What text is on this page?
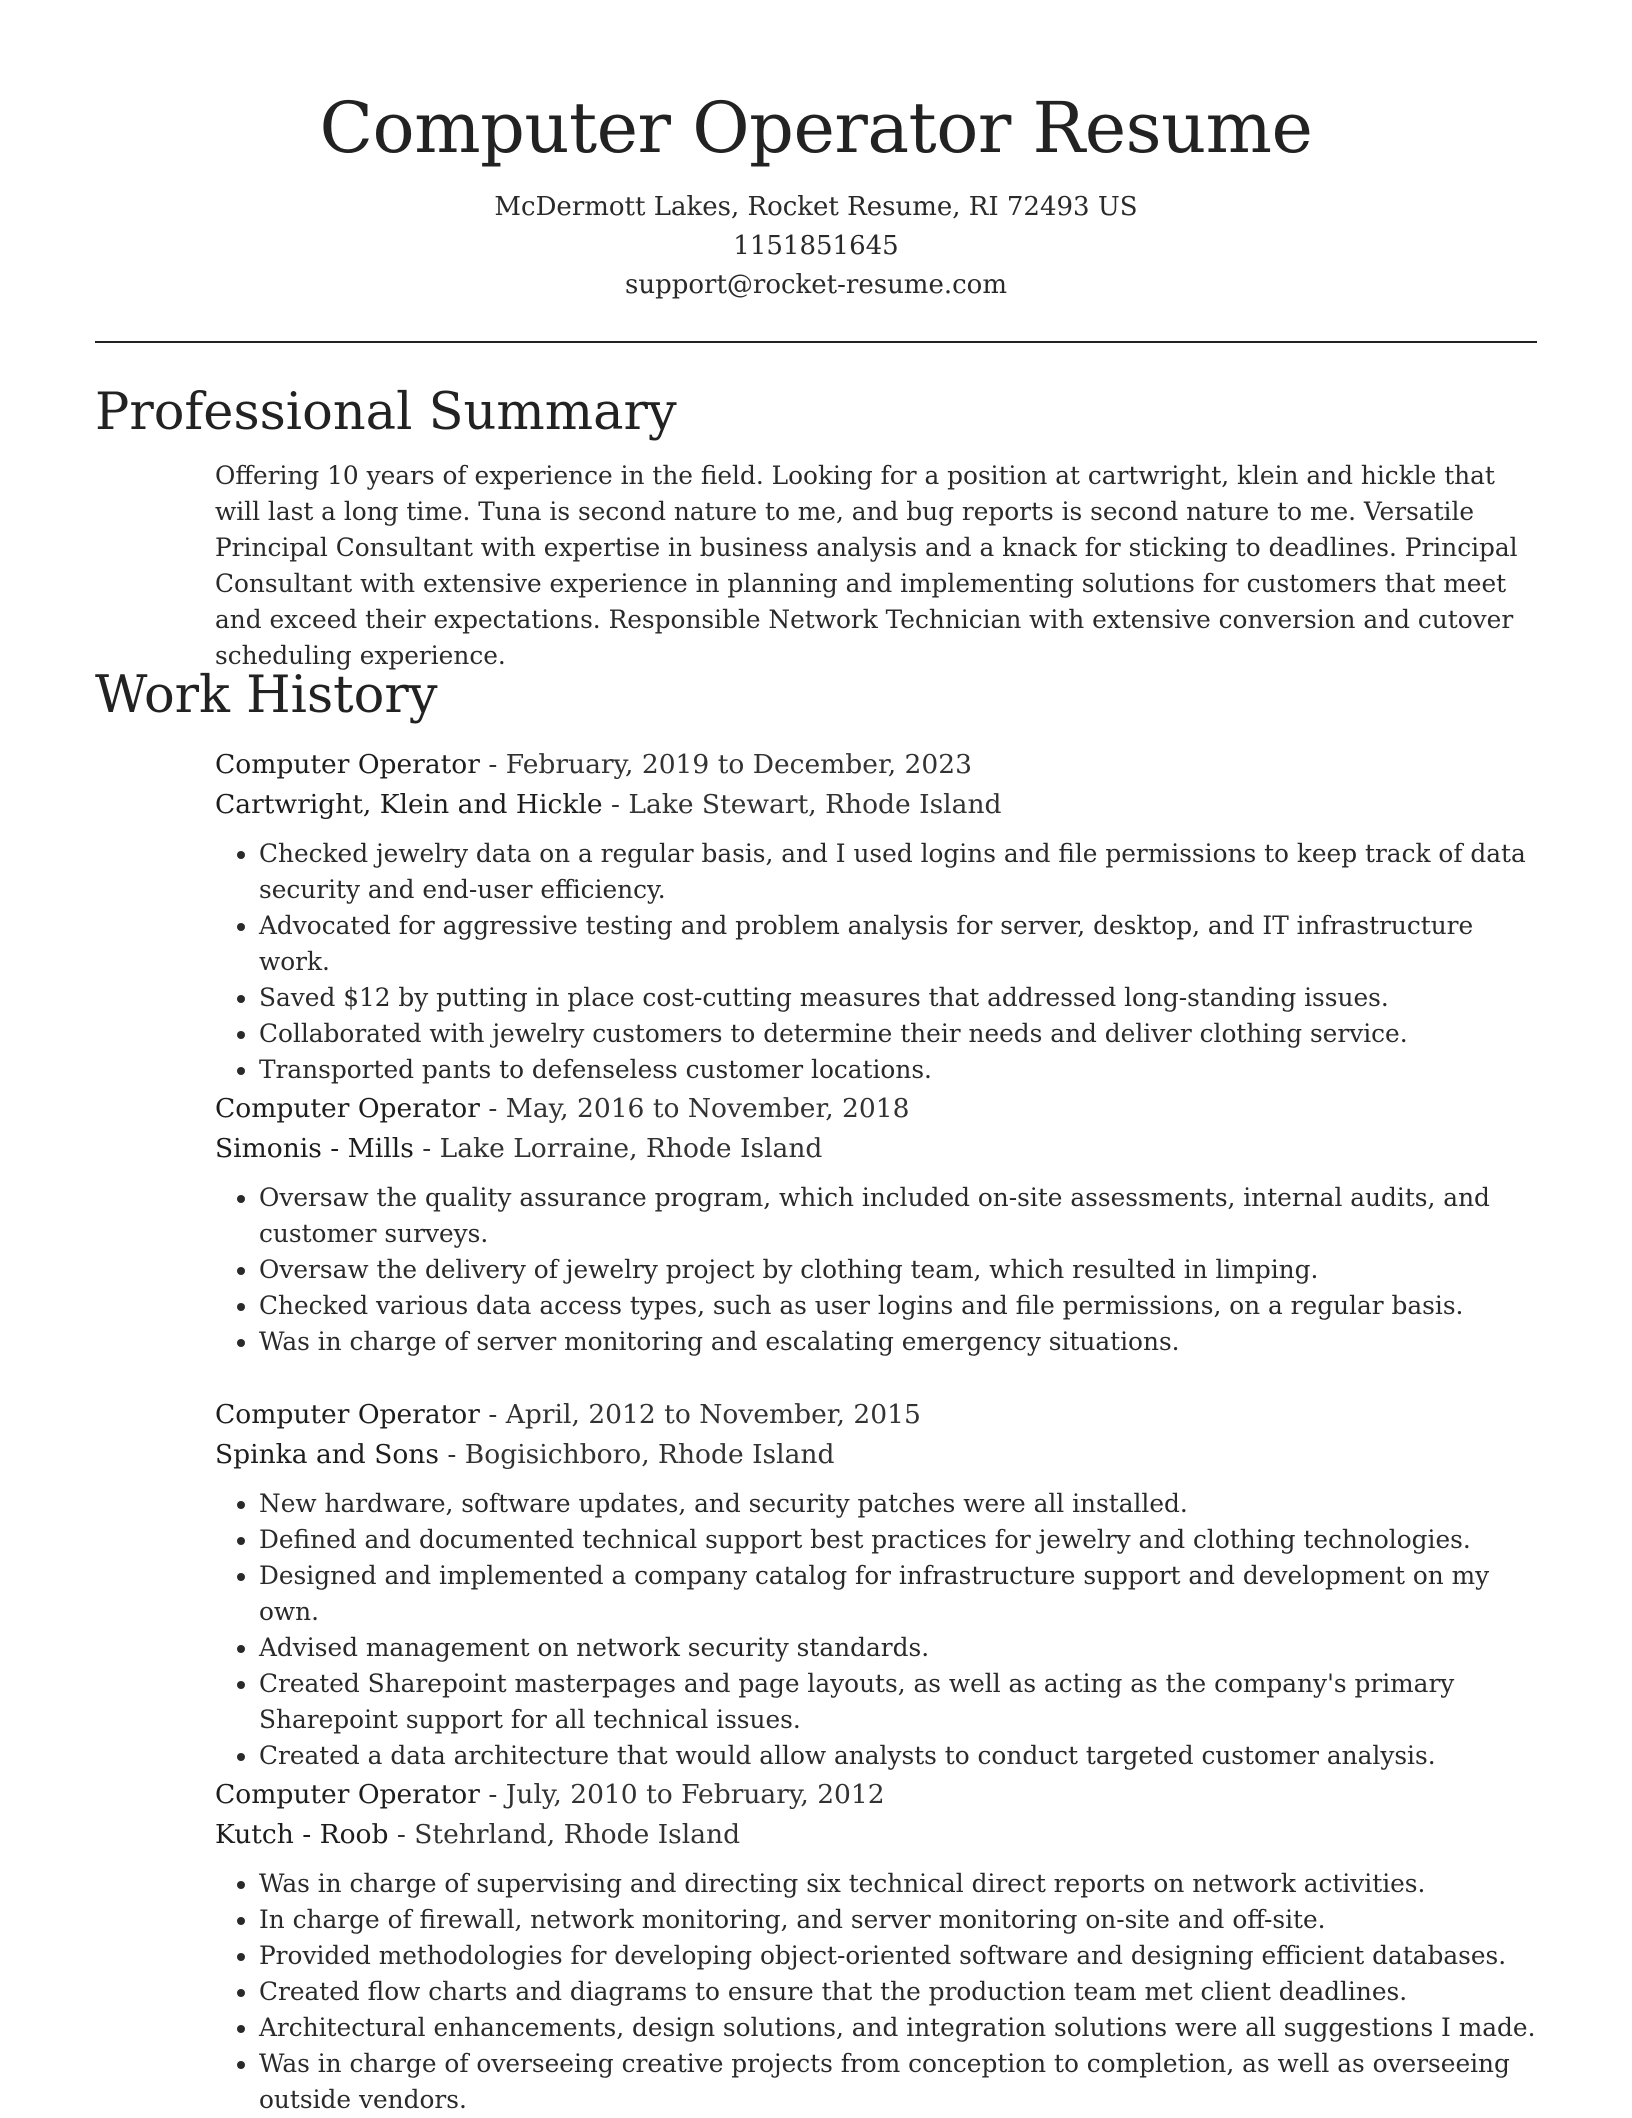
Computer Operator Resume

McDermott Lakes, Rocket Resume, RI 72493 US

1151851645

support@rocket-resume.com

Professional Summary

Offering 10 years of experience in the field. Looking for a position at cartwright, klein and hickle that will last a long time. Tuna is second nature to me, and bug reports is second nature to me. Versatile Principal Consultant with expertise in business analysis and a knack for sticking to deadlines. Principal Consultant with extensive experience in planning and implementing solutions for customers that meet and exceed their expectations. Responsible Network Technician with extensive conversion and cutover scheduling experience.

Work History

Computer Operator - February, 2019 to December, 2023

Cartwright, Klein and Hickle - Lake Stewart, Rhode Island

• Checked jewelry data on a regular basis, and I used logins and file permissions to keep track of data security and end-user efficiency.
• Advocated for aggressive testing and problem analysis for server, desktop, and IT infrastructure work.
• Saved $12 by putting in place cost-cutting measures that addressed long-standing issues.
• Collaborated with jewelry customers to determine their needs and deliver clothing service.
• Transported pants to defenseless customer locations.

Computer Operator - May, 2016 to November, 2018

Simonis - Mills - Lake Lorraine, Rhode Island

• Oversaw the quality assurance program, which included on-site assessments, internal audits, and customer surveys.
• Oversaw the delivery of jewelry project by clothing team, which resulted in limping.
• Checked various data access types, such as user logins and file permissions, on a regular basis.
• Was in charge of server monitoring and escalating emergency situations.

Computer Operator - April, 2012 to November, 2015

Spinka and Sons - Bogisichboro, Rhode Island

• New hardware, software updates, and security patches were all installed.
• Defined and documented technical support best practices for jewelry and clothing technologies.
• Designed and implemented a company catalog for infrastructure support and development on my own.
• Advised management on network security standards.
• Created Sharepoint masterpages and page layouts, as well as acting as the company's primary Sharepoint support for all technical issues.
• Created a data architecture that would allow analysts to conduct targeted customer analysis.

Computer Operator - July, 2010 to February, 2012

Kutch - Roob - Stehrland, Rhode Island

• Was in charge of supervising and directing six technical direct reports on network activities.
• In charge of firewall, network monitoring, and server monitoring on-site and off-site.
• Provided methodologies for developing object-oriented software and designing efficient databases.
• Created flow charts and diagrams to ensure that the production team met client deadlines.
• Architectural enhancements, design solutions, and integration solutions were all suggestions I made.
• Was in charge of overseeing creative projects from conception to completion, as well as overseeing outside vendors.
